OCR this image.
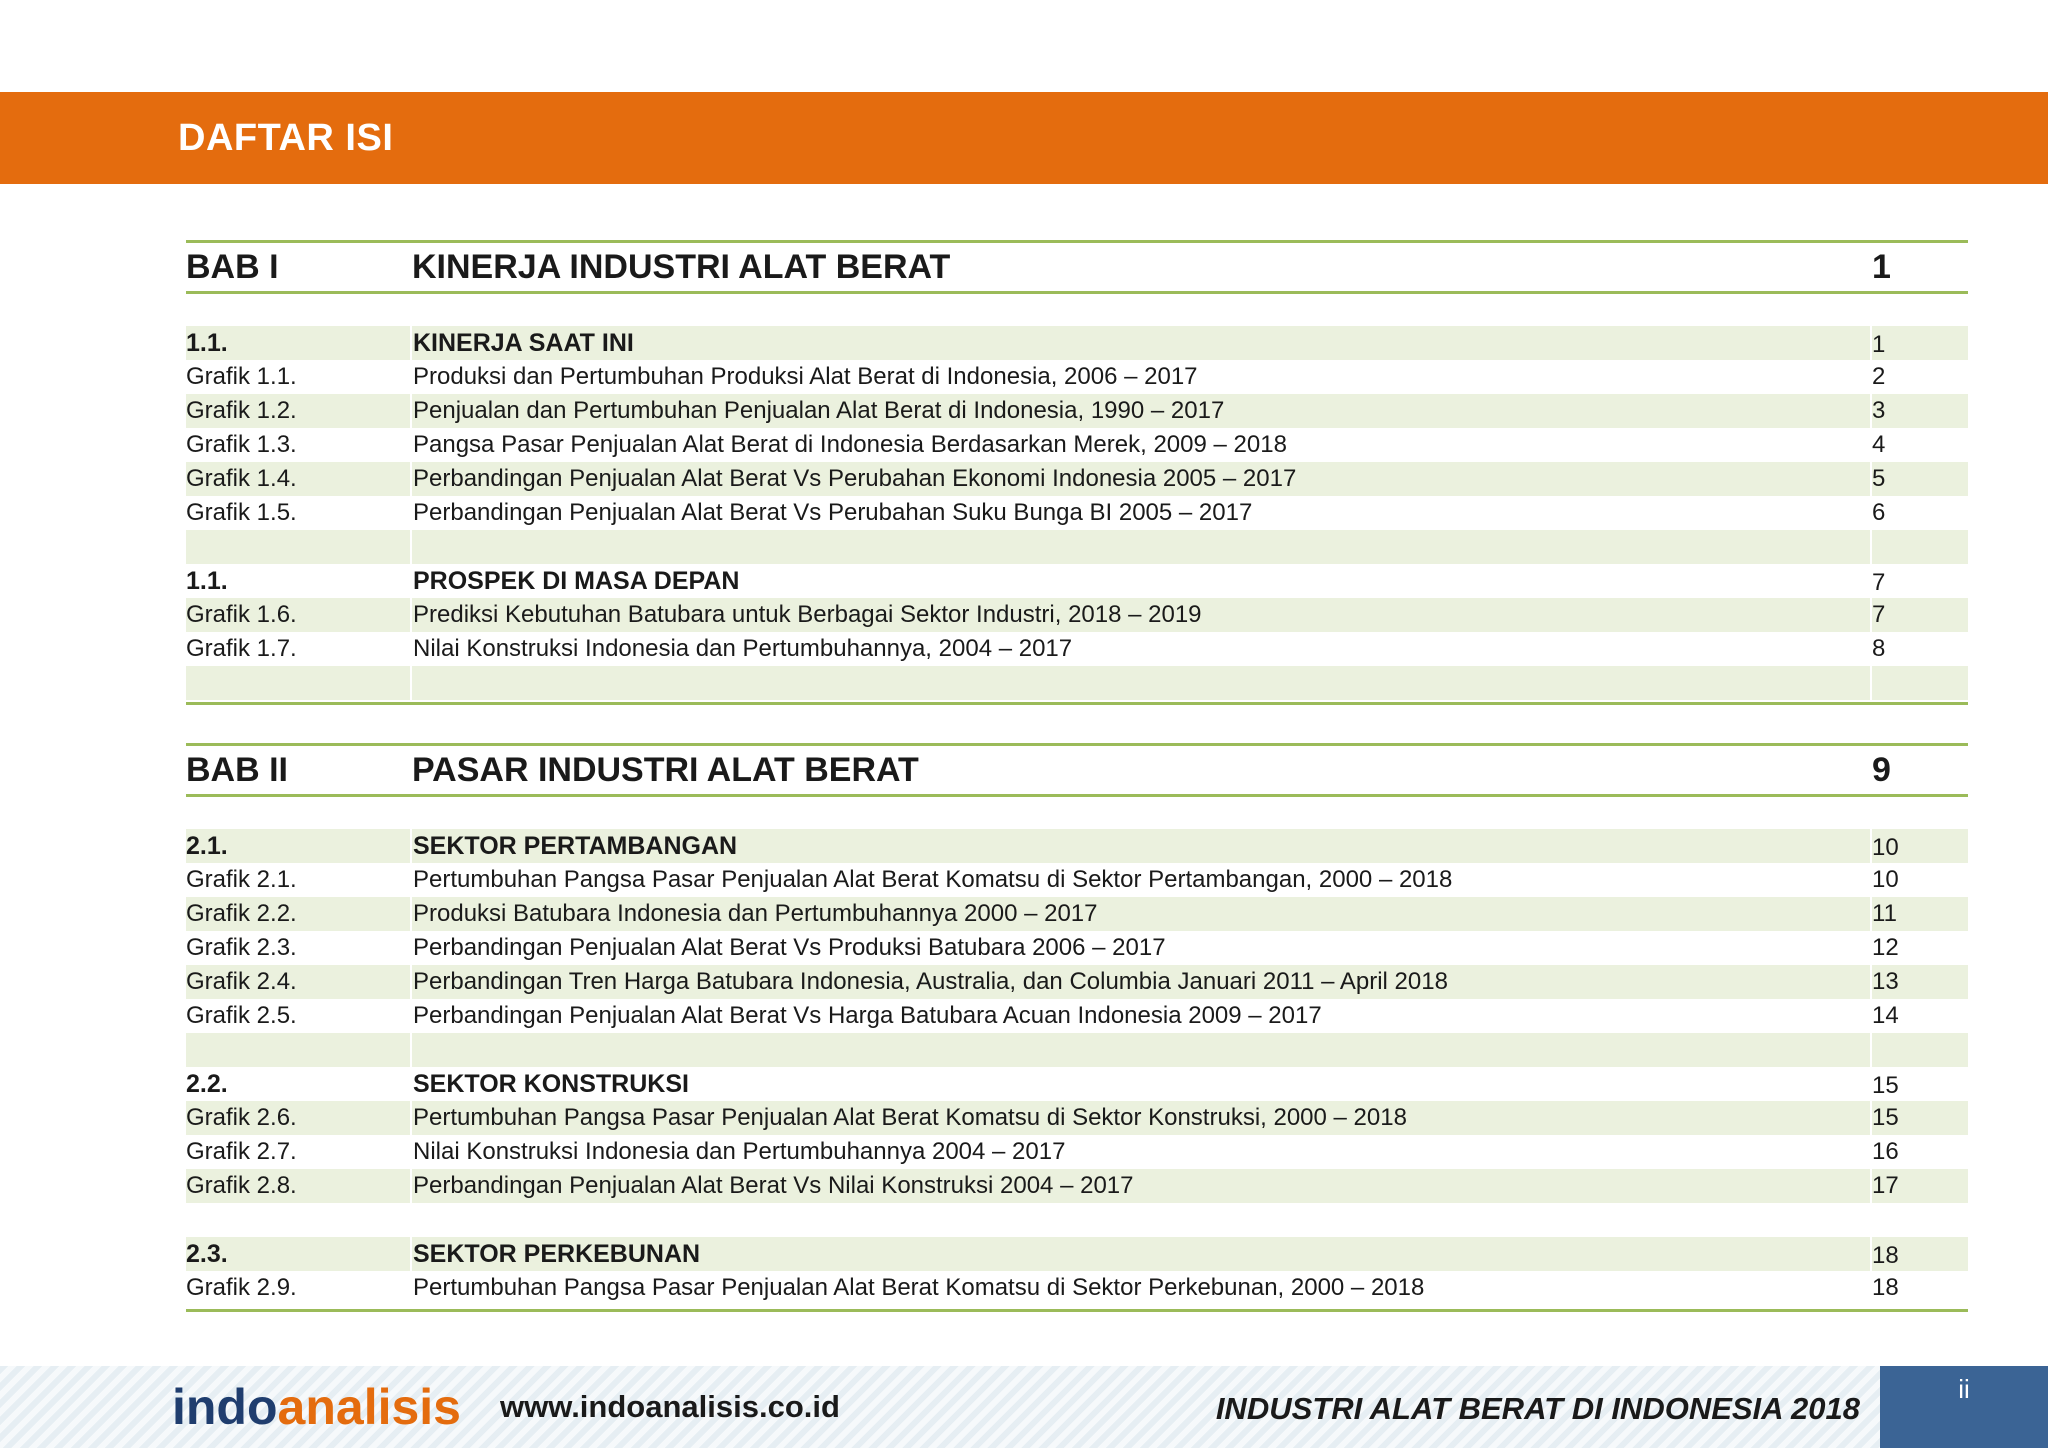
DAFTAR ISI
BAB I	KINERJA INDUSTRI ALAT BERAT	1
1.1.	KINERJA SAAT INI	1
Grafik 1.1.	Produksi dan Pertumbuhan Produksi Alat Berat di Indonesia, 2006 – 2017	2
Grafik 1.2.	Penjualan dan Pertumbuhan Penjualan Alat Berat di Indonesia, 1990 – 2017	3
Grafik 1.3.	Pangsa Pasar Penjualan Alat Berat di Indonesia Berdasarkan Merek, 2009 – 2018	4
Grafik 1.4.	Perbandingan Penjualan Alat Berat Vs Perubahan Ekonomi Indonesia 2005 – 2017	5
Grafik 1.5.	Perbandingan Penjualan Alat Berat Vs Perubahan Suku Bunga BI 2005 – 2017	6
1.1.	PROSPEK DI MASA DEPAN	7
Grafik 1.6.	Prediksi Kebutuhan Batubara untuk Berbagai Sektor Industri, 2018 – 2019	7
Grafik 1.7.	Nilai Konstruksi Indonesia dan Pertumbuhannya, 2004 – 2017	8
BAB II	PASAR INDUSTRI ALAT BERAT	9
2.1.	SEKTOR PERTAMBANGAN	10
Grafik 2.1.	Pertumbuhan Pangsa Pasar Penjualan Alat Berat Komatsu di Sektor Pertambangan, 2000 – 2018	10
Grafik 2.2.	Produksi Batubara Indonesia dan Pertumbuhannya 2000 – 2017	11
Grafik 2.3.	Perbandingan Penjualan Alat Berat Vs Produksi Batubara 2006 – 2017	12
Grafik 2.4.	Perbandingan Tren Harga Batubara Indonesia, Australia, dan Columbia Januari 2011 – April 2018	13
Grafik 2.5.	Perbandingan Penjualan Alat Berat Vs Harga Batubara Acuan Indonesia 2009 – 2017	14
2.2.	SEKTOR KONSTRUKSI	15
Grafik 2.6.	Pertumbuhan Pangsa Pasar Penjualan Alat Berat Komatsu di Sektor Konstruksi, 2000 – 2018	15
Grafik 2.7.	Nilai Konstruksi Indonesia dan Pertumbuhannya 2004 – 2017	16
Grafik 2.8.	Perbandingan Penjualan Alat Berat Vs Nilai Konstruksi 2004 – 2017	17
2.3.	SEKTOR PERKEBUNAN	18
Grafik 2.9.	Pertumbuhan Pangsa Pasar Penjualan Alat Berat Komatsu di Sektor Perkebunan, 2000 – 2018	18
indoanalisis www.indoanalisis.co.id	INDUSTRI ALAT BERAT DI INDONESIA 2018
ii
